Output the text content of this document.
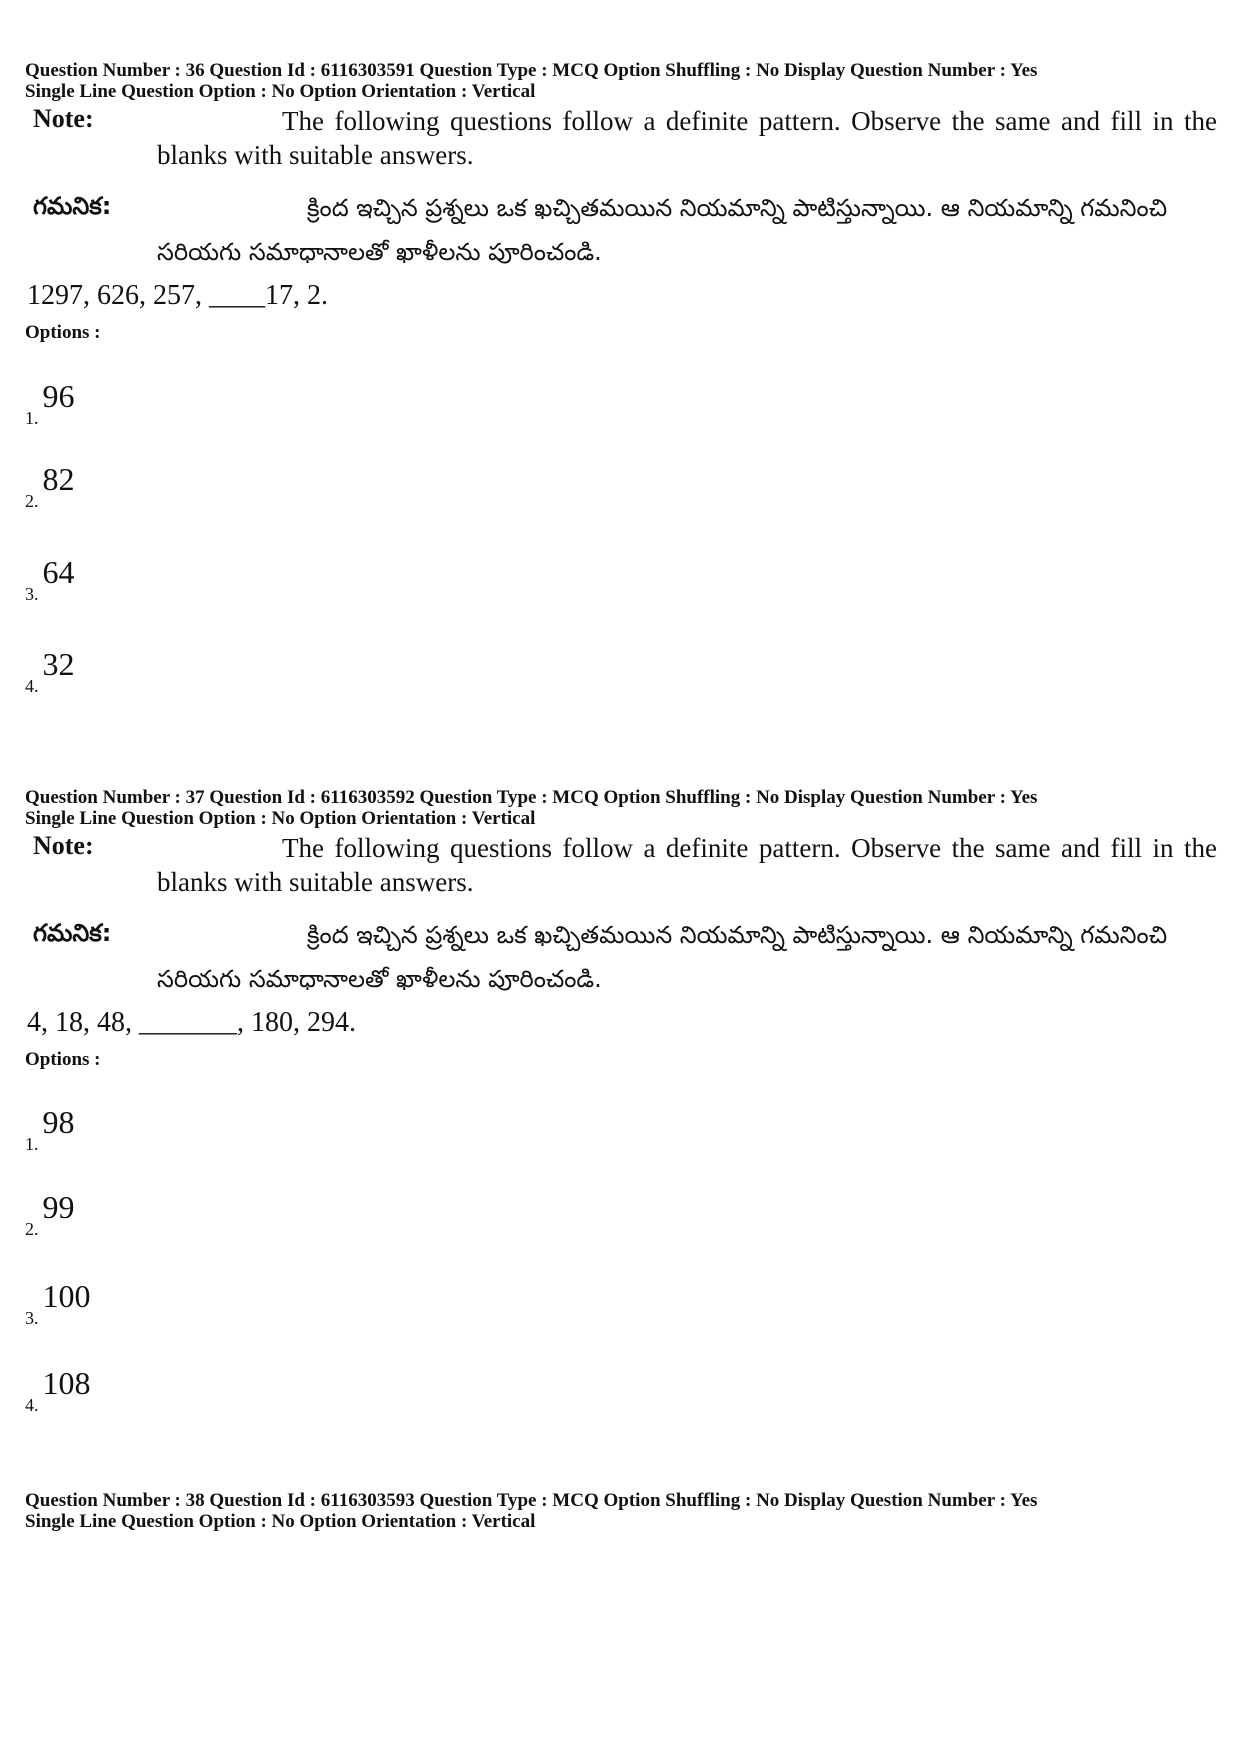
Question Number : 36 Question Id : 6116303591 Question Type : MCQ Option Shuffling : No Display Question Number : Yes
Single Line Question Option : No Option Orientation : Vertical
Note:	The following questions follow a definite pattern. Observe the same and fill in the blanks with suitable answers.
గమనిక:	క్రింద ఇచ్చిన ప్రశ్నలు ఒక ఖచ్చితమయిన నియమాన్ని పాటిస్తున్నాయి. ఆ నియమాన్ని గమనించి సరియగు సమాధానాలతో ఖాళీలను పూరించండి.
1297, 626, 257, ____17, 2.
Options :
1.96
2.82
3.64
4.32
Question Number : 37 Question Id : 6116303592 Question Type : MCQ Option Shuffling : No Display Question Number : Yes
Single Line Question Option : No Option Orientation : Vertical
Note:	The following questions follow a definite pattern. Observe the same and fill in the blanks with suitable answers.
గమనిక:	క్రింద ఇచ్చిన ప్రశ్నలు ఒక ఖచ్చితమయిన నియమాన్ని పాటిస్తున్నాయి. ఆ నియమాన్ని గమనించి సరియగు సమాధానాలతో ఖాళీలను పూరించండి.
4, 18, 48, _______, 180, 294.
Options :
1.98
2.99
3.100
4.108
Question Number : 38 Question Id : 6116303593 Question Type : MCQ Option Shuffling : No Display Question Number : Yes
Single Line Question Option : No Option Orientation : Vertical
